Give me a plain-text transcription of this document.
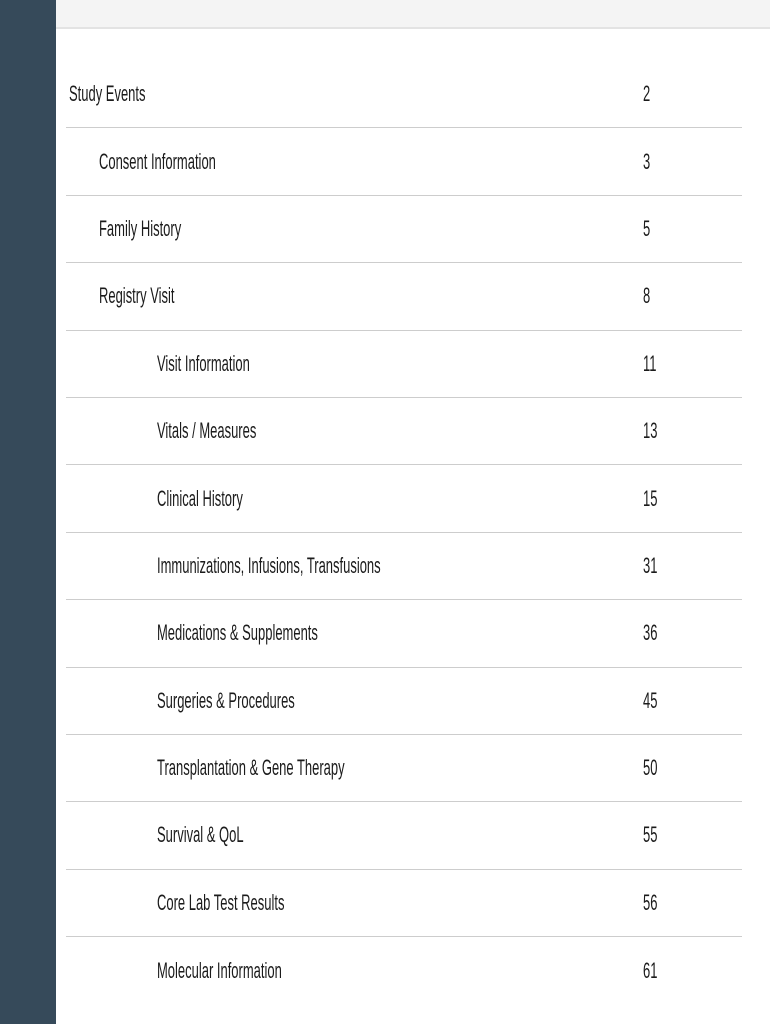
Study Events	2
Consent Information	3
Family History	5
Registry Visit	8
Visit Information	11
Vitals / Measures	13
Clinical History	15
Immunizations, Infusions, Transfusions	31
Medications & Supplements	36
Surgeries & Procedures	45
Transplantation & Gene Therapy	50
Survival & QoL	55
Core Lab Test Results	56
Molecular Information	61
